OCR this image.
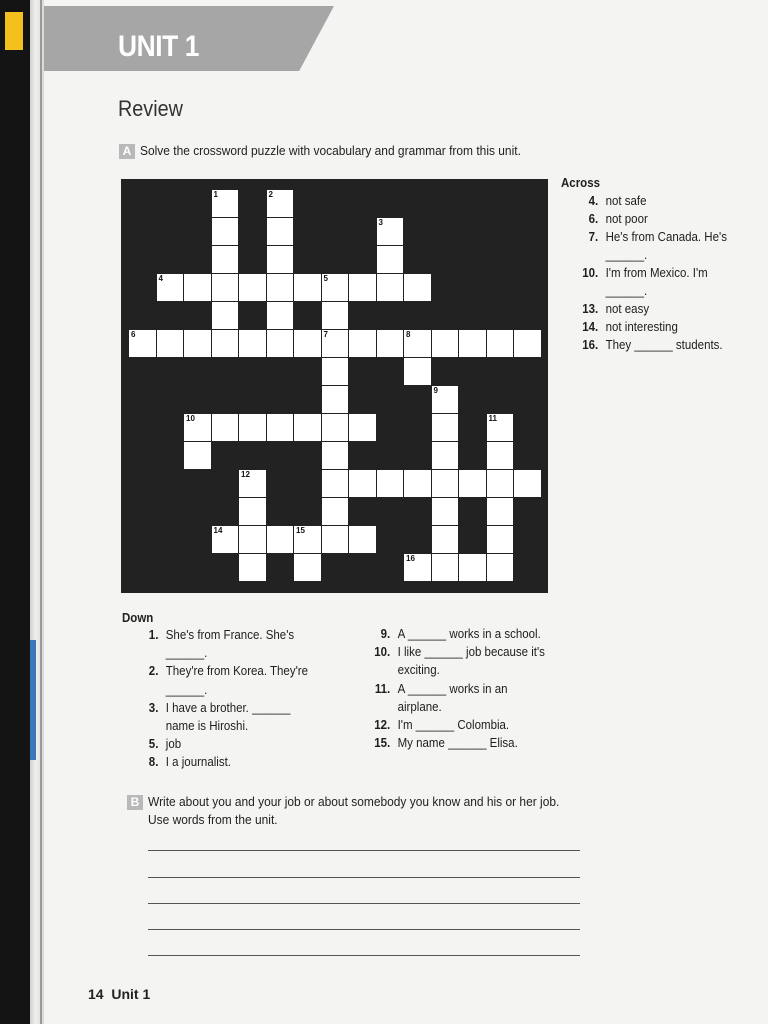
UNIT 1
Review
A Solve the crossword puzzle with vocabulary and grammar from this unit.
1	2
3
4	5
6	7	8
9
10	11
12
14	15
16
Across
4. not safe
6. not poor
7. He's from Canada. He's
______.
10. I'm from Mexico. I'm
______.
13. not easy
14. not interesting
16. They ______ students.
Down
1. She's from France. She's
______.
2. They're from Korea. They're
______.
3. I have a brother. ______
name is Hiroshi.
5. job
8. I a journalist.
9. A ______ works in a school.
10. I like ______ job because it's
exciting.
11. A ______ works in an
airplane.
12. I'm ______ Colombia.
15. My name ______ Elisa.
B Write about you and your job or about somebody you know and his or her job.
Use words from the unit.
14 Unit 1
